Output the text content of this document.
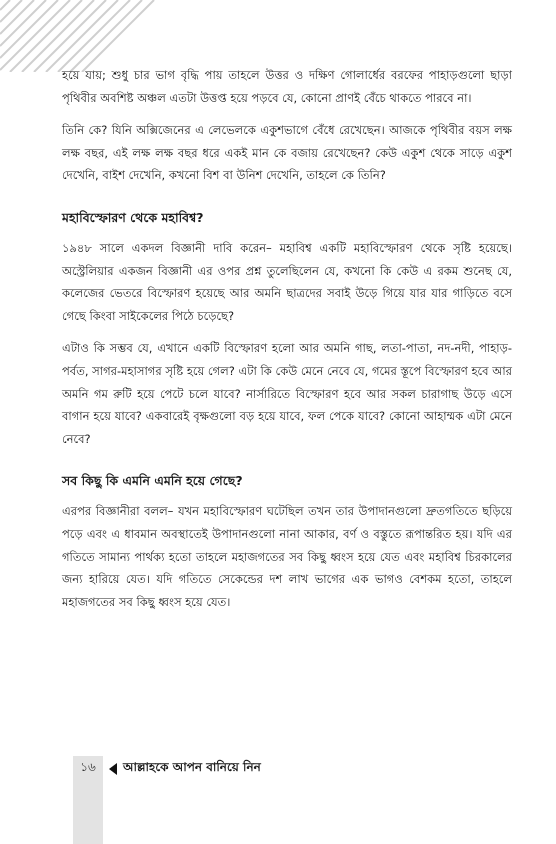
হয়ে যায়; শুধু চার ভাগ বৃদ্ধি পায় তাহলে উত্তর ও দক্ষিণ গোলার্ধের বরফের পাহাড়গুলো ছাড়া পৃথিবীর অবশিষ্ট অঞ্চল এতটা উত্তপ্ত হয়ে পড়বে যে, কোনো প্রাণই বেঁচে থাকতে পারবে না।

তিনি কে? যিনি অক্সিজেনের এ লেভেলকে একুশভাগে বেঁধে রেখেছেন। আজকে পৃথিবীর বয়স লক্ষ লক্ষ বছর, এই লক্ষ লক্ষ বছর ধরে একই মান কে বজায় রেখেছেন? কেউ একুশ থেকে সাড়ে একুশ দেখেনি, বাইশ দেখেনি, কখনো বিশ বা উনিশ দেখেনি, তাহলে কে তিনি?

মহাবিস্ফোরণ থেকে মহাবিশ্ব?

১৯৪৮ সালে একদল বিজ্ঞানী দাবি করেন– মহাবিশ্ব একটি মহাবিস্ফোরণ থেকে সৃষ্টি হয়েছে। অস্ট্রেলিয়ার একজন বিজ্ঞানী এর ওপর প্রশ্ন তুলেছিলেন যে, কখনো কি কেউ এ রকম শুনেছ যে, কলেজের ভেতরে বিস্ফোরণ হয়েছে আর অমনি ছাত্রদের সবাই উড়ে গিয়ে যার যার গাড়িতে বসে গেছে কিংবা সাইকেলের পিঠে চড়েছে?

এটাও কি সম্ভব যে, এখানে একটি বিস্ফোরণ হলো আর অমনি গাছ, লতা-পাতা, নদ-নদী, পাহাড়-পর্বত, সাগর-মহাসাগর সৃষ্টি হয়ে গেল? এটা কি কেউ মেনে নেবে যে, গমের স্তূপে বিস্ফোরণ হবে আর অমনি গম রুটি হয়ে পেটে চলে যাবে? নার্সারিতে বিস্ফোরণ হবে আর সকল চারাগাছ উড়ে এসে বাগান হয়ে যাবে? একবারেই বৃক্ষগুলো বড় হয়ে যাবে, ফল পেকে যাবে? কোনো আহাম্মক এটা মেনে নেবে?

সব কিছু কি এমনি এমনি হয়ে গেছে?

এরপর বিজ্ঞানীরা বলল– যখন মহাবিস্ফোরণ ঘটেছিল তখন তার উপাদানগুলো দ্রুতগতিতে ছড়িয়ে পড়ে এবং এ ধাবমান অবস্থাতেই উপাদানগুলো নানা আকার, বর্ণ ও বস্তুতে রূপান্তরিত হয়। যদি এর গতিতে সামান্য পার্থক্য হতো তাহলে মহাজগতের সব কিছু ধ্বংস হয়ে যেত এবং মহাবিশ্ব চিরকালের জন্য হারিয়ে যেত। যদি গতিতে সেকেন্ডের দশ লাখ ভাগের এক ভাগও বেশকম হতো, তাহলে মহাজগতের সব কিছু ধ্বংস হয়ে যেত।

১৬	আল্লাহকে আপন বানিয়ে নিন
